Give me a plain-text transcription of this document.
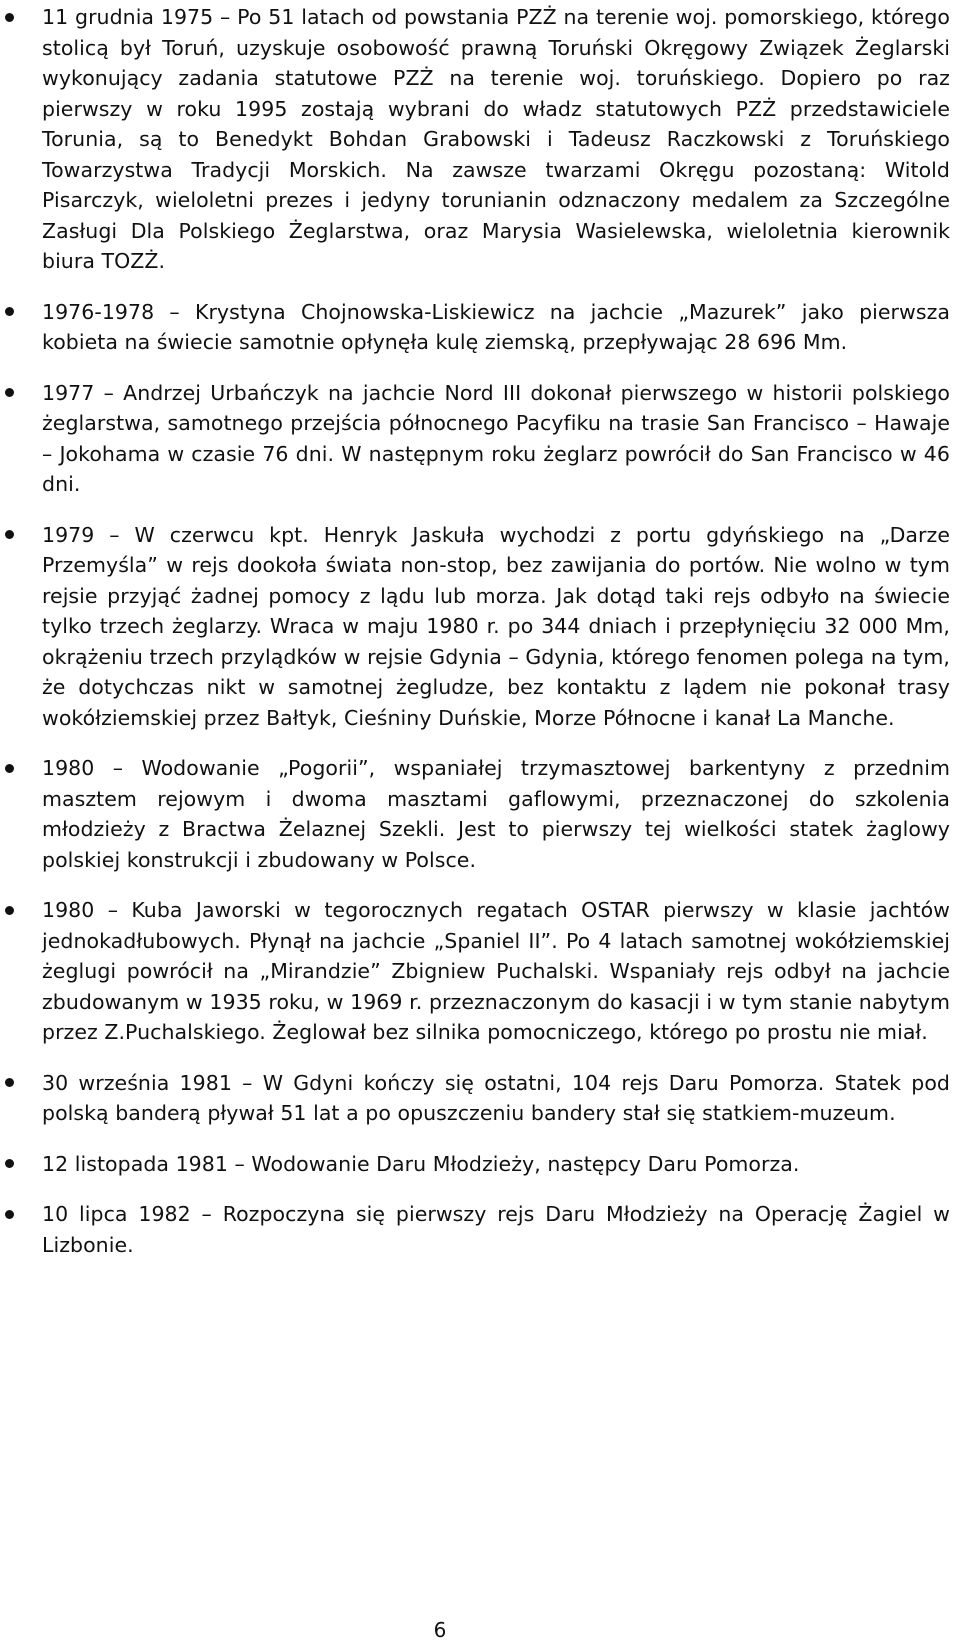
11 grudnia 1975 – Po 51 latach od powstania PZŻ na terenie woj. pomorskiego, którego stolicą był Toruń, uzyskuje osobowość prawną Toruński Okręgowy Związek Żeglarski wykonujący zadania statutowe PZŻ na terenie woj. toruńskiego. Dopiero po raz pierwszy w roku 1995 zostają wybrani do władz statutowych PZŻ przedstawiciele Torunia, są to Benedykt Bohdan Grabowski i Tadeusz Raczkowski z Toruńskiego Towarzystwa Tradycji Morskich. Na zawsze twarzami Okręgu pozostaną: Witold Pisarczyk, wieloletni prezes i jedyny torunianin odznaczony medalem za Szczególne Zasługi Dla Polskiego Żeglarstwa, oraz Marysia Wasielewska, wieloletnia kierownik biura TOZŻ.
1976-1978 – Krystyna Chojnowska-Liskiewicz na jachcie „Mazurek” jako pierwsza kobieta na świecie samotnie opłynęła kulę ziemską, przepływając 28 696 Mm.
1977 – Andrzej Urbańczyk na jachcie Nord III dokonał pierwszego w historii polskiego żeglarstwa, samotnego przejścia północnego Pacyfiku na trasie San Francisco – Hawaje – Jokohama w czasie 76 dni. W następnym roku żeglarz powrócił do San Francisco w 46 dni.
1979 – W czerwcu kpt. Henryk Jaskuła wychodzi z portu gdyńskiego na „Darze Przemyśla” w rejs dookoła świata non-stop, bez zawijania do portów. Nie wolno w tym rejsie przyjąć żadnej pomocy z lądu lub morza. Jak dotąd taki rejs odbyło na świecie tylko trzech żeglarzy. Wraca w maju 1980 r. po 344 dniach i przepłynięciu 32 000 Mm, okrążeniu trzech przylądków w rejsie Gdynia – Gdynia, którego fenomen polega na tym, że dotychczas nikt w samotnej żegludze, bez kontaktu z lądem nie pokonał trasy wokółziemskiej przez Bałtyk, Cieśniny Duńskie, Morze Północne i kanał La Manche.
1980 – Wodowanie „Pogorii”, wspaniałej trzymasztowej barkentyny z przednim masztem rejowym i dwoma masztami gaflowymi, przeznaczonej do szkolenia młodzieży z Bractwa Żelaznej Szekli. Jest to pierwszy tej wielkości statek żaglowy polskiej konstrukcji i zbudowany w Polsce.
1980 – Kuba Jaworski w tegorocznych regatach OSTAR pierwszy w klasie jachtów jednokadłubowych. Płynął na jachcie „Spaniel II”. Po 4 latach samotnej wokółziemskiej żeglugi powrócił na „Mirandzie” Zbigniew Puchalski. Wspaniały rejs odbył na jachcie zbudowanym w 1935 roku, w 1969 r. przeznaczonym do kasacji i w tym stanie nabytym przez Z.Puchalskiego. Żeglował bez silnika pomocniczego, którego po prostu nie miał.
30 września 1981 – W Gdyni kończy się ostatni, 104 rejs Daru Pomorza. Statek pod polską banderą pływał 51 lat a po opuszczeniu bandery stał się statkiem-muzeum.
12 listopada 1981 – Wodowanie Daru Młodzieży, następcy Daru Pomorza.
10 lipca 1982 – Rozpoczyna się pierwszy rejs Daru Młodzieży na Operację Żagiel w Lizbonie.
6
